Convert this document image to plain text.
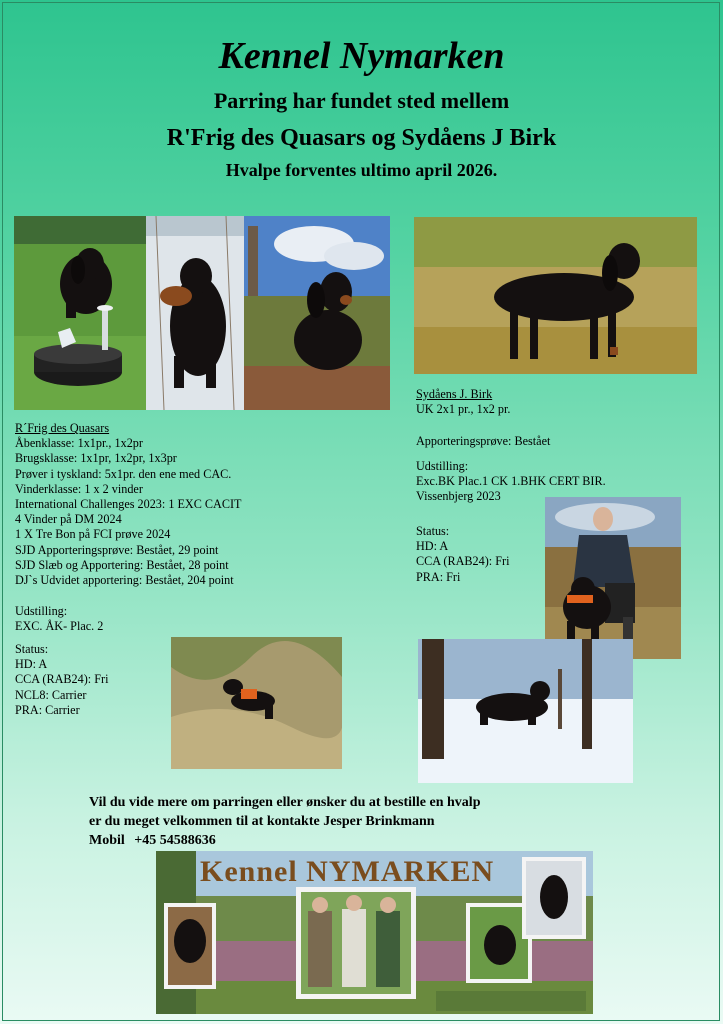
Kennel Nymarken
Parring har fundet sted mellem
R'Frig des Quasars og Sydåens J Birk
Hvalpe forventes ultimo april 2026.
R´Frig des Quasars
Åbenklasse: 1x1pr., 1x2pr
Brugsklasse: 1x1pr, 1x2pr, 1x3pr
Prøver i tyskland: 5x1pr. den ene med CAC.
Vinderklasse: 1 x 2 vinder
International Challenges 2023: 1 EXC CACIT
4 Vinder på DM 2024
1 X Tre Bon på FCI prøve 2024
SJD Apporteringsprøve: Bestået, 29 point
SJD Slæb og Apportering: Bestået, 28 point
DJ`s Udvidet apportering: Bestået, 204 point
Udstilling:
EXC. ÅK- Plac. 2
Status:
HD: A
CCA (RAB24): Fri
NCL8: Carrier
PRA: Carrier
Sydåens J. Birk
UK 2x1 pr., 1x2 pr.
Apporteringsprøve: Bestået
Udstilling:
Exc.BK Plac.1 CK 1.BHK CERT BIR.
Vissenbjerg 2023
Status:
HD: A
CCA (RAB24): Fri
PRA: Fri
Vil du vide mere om parringen eller ønsker du at bestille en hvalp
er du meget velkommen til at kontakte Jesper Brinkmann
Mobil +45 54588636
Kennel NYMARKEN
